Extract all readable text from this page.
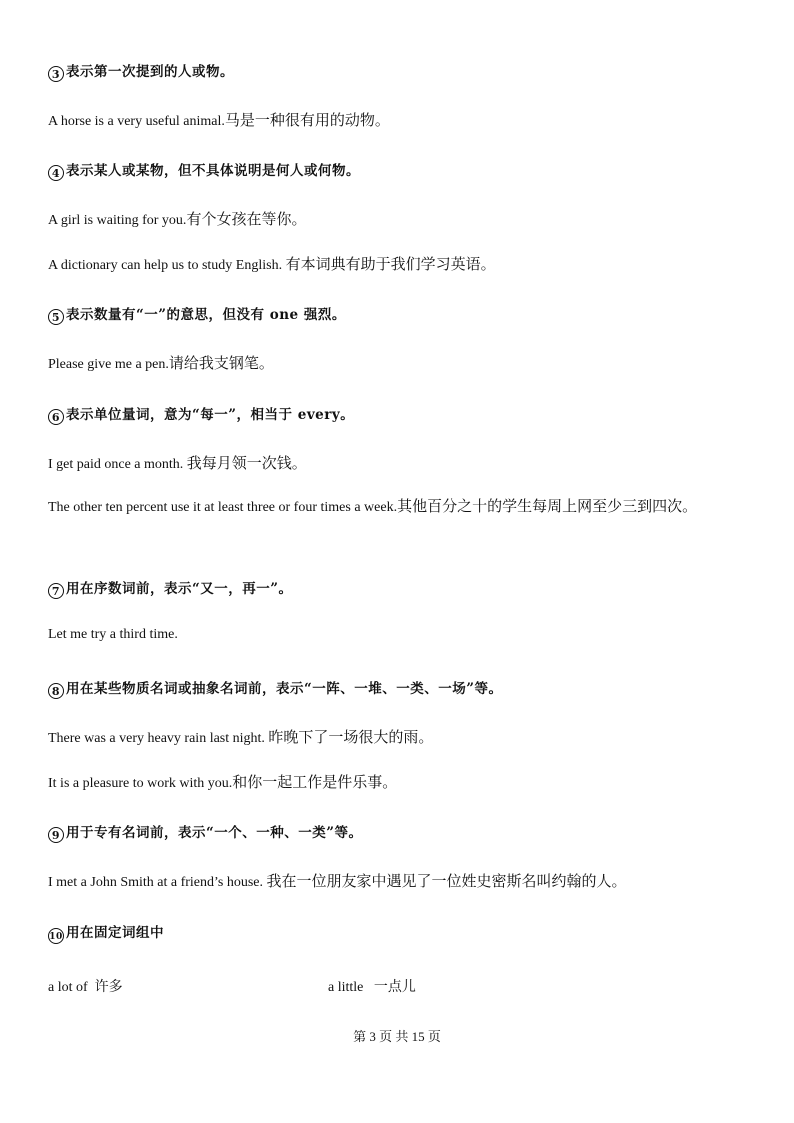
3 表示第一次提到的人或物。
A horse is a very useful animal.马是一种很有用的动物。
4 表示某人或某物，但不具体说明是何人或何物。
A girl is waiting for you.有个女孩在等你。
A dictionary can help us to study English. 有本词典有助于我们学习英语。
5 表示数量有“一”的意思，但没有 one 强烈。
Please give me a pen.请给我支钢笔。
6 表示单位量词，意为“每一”，相当于 every。
I get paid once a month. 我每月领一次钱。
The other ten percent use it at least three or four times a week.其他百分之十的学生每周上网至少三到四次。
7 用在序数词前，表示“又一，再一”。
Let me try a third time.
8 用在某些物质名词或抽象名词前，表示“一阵、一堆、一类、一场”等。
There was a very heavy rain last night. 昨晚下了一场很大的雨。
It is a pleasure to work with you.和你一起工作是件乐事。
9 用于专有名词前，表示“一个、一种、一类”等。
I met a John Smith at a friend’s house. 我在一位朋友家中遇见了一位姓史密斯名叫约翰的人。
10 用在固定词组中
a lot of  许多	a little   一点儿
第 3 页 共 15 页
